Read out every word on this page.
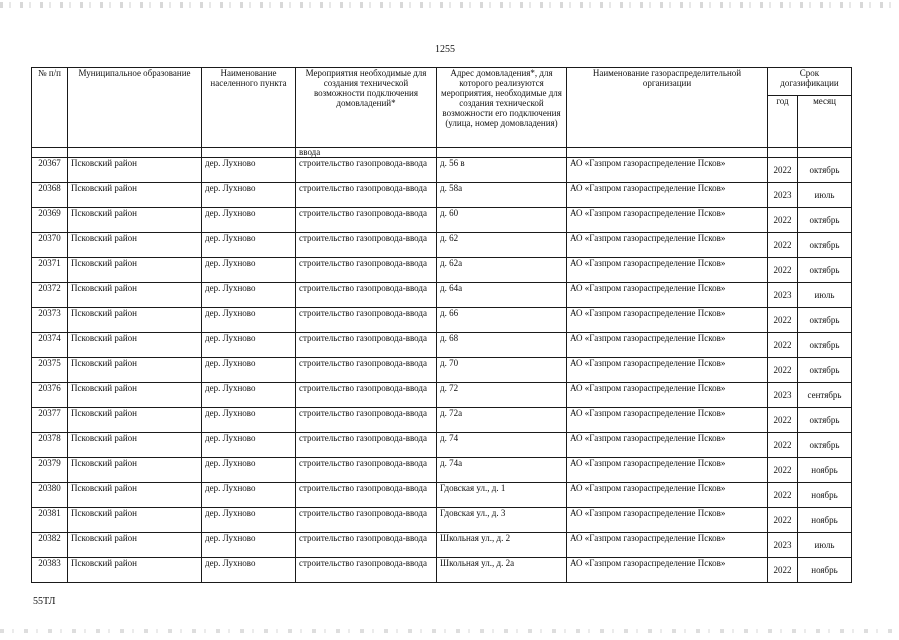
1255
№ п/п	Муниципальное образование	Наименование населенного пункта	Мероприятия необходимые для создания технической возможности подключения домовладений*	Адрес домовладения*, для которого реализуются мероприятия, необходимые для создания технической возможности его подключения (улица, номер домовладения)	Наименование газораспределительной организации	Срок догазификации	
						год	месяц
			ввода				
20367	Псковский район	дер. Лухново	строительство газопровода-ввода	д. 56 в	АО «Газпром газораспределение Псков»	2022	октябрь
20368	Псковский район	дер. Лухново	строительство газопровода-ввода	д. 58а	АО «Газпром газораспределение Псков»	2023	июль
20369	Псковский район	дер. Лухново	строительство газопровода-ввода	д. 60	АО «Газпром газораспределение Псков»	2022	октябрь
20370	Псковский район	дер. Лухново	строительство газопровода-ввода	д. 62	АО «Газпром газораспределение Псков»	2022	октябрь
20371	Псковский район	дер. Лухново	строительство газопровода-ввода	д. 62а	АО «Газпром газораспределение Псков»	2022	октябрь
20372	Псковский район	дер. Лухново	строительство газопровода-ввода	д. 64а	АО «Газпром газораспределение Псков»	2023	июль
20373	Псковский район	дер. Лухново	строительство газопровода-ввода	д. 66	АО «Газпром газораспределение Псков»	2022	октябрь
20374	Псковский район	дер. Лухново	строительство газопровода-ввода	д. 68	АО «Газпром газораспределение Псков»	2022	октябрь
20375	Псковский район	дер. Лухново	строительство газопровода-ввода	д. 70	АО «Газпром газораспределение Псков»	2022	октябрь
20376	Псковский район	дер. Лухново	строительство газопровода-ввода	д. 72	АО «Газпром газораспределение Псков»	2023	сентябрь
20377	Псковский район	дер. Лухново	строительство газопровода-ввода	д. 72а	АО «Газпром газораспределение Псков»	2022	октябрь
20378	Псковский район	дер. Лухново	строительство газопровода-ввода	д. 74	АО «Газпром газораспределение Псков»	2022	октябрь
20379	Псковский район	дер. Лухново	строительство газопровода-ввода	д. 74а	АО «Газпром газораспределение Псков»	2022	ноябрь
20380	Псковский район	дер. Лухново	строительство газопровода-ввода	Гдовская ул., д. 1	АО «Газпром газораспределение Псков»	2022	ноябрь
20381	Псковский район	дер. Лухново	строительство газопровода-ввода	Гдовская ул., д. 3	АО «Газпром газораспределение Псков»	2022	ноябрь
20382	Псковский район	дер. Лухново	строительство газопровода-ввода	Школьная ул., д. 2	АО «Газпром газораспределение Псков»	2023	июль
20383	Псковский район	дер. Лухново	строительство газопровода-ввода	Школьная ул., д. 2а	АО «Газпром газораспределение Псков»	2022	ноябрь
55ТЛ
